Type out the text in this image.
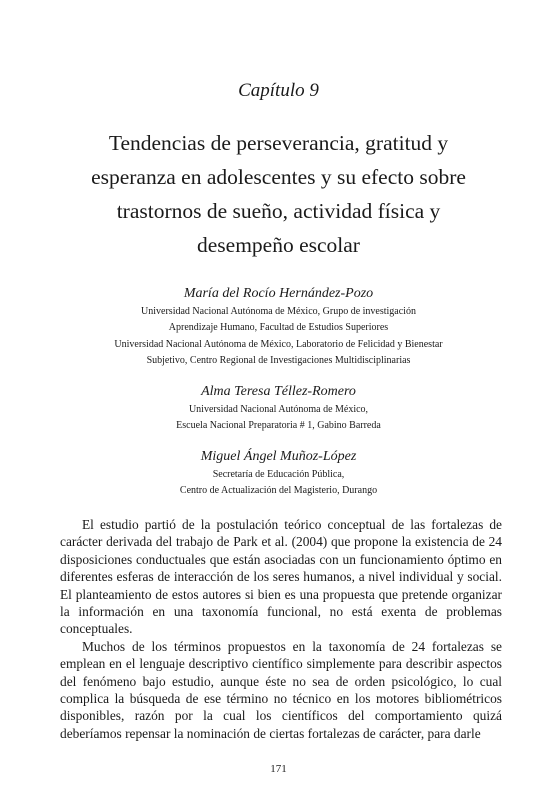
Capítulo 9
Tendencias de perseverancia, gratitud y
esperanza en adolescentes y su efecto sobre
trastornos de sueño, actividad física y
desempeño escolar
María del Rocío Hernández-Pozo
Universidad Nacional Autónoma de México, Grupo de investigación
Aprendizaje Humano, Facultad de Estudios Superiores
Universidad Nacional Autónoma de México, Laboratorio de Felicidad y Bienestar
Subjetivo, Centro Regional de Investigaciones Multidisciplinarias
Alma Teresa Téllez-Romero
Universidad Nacional Autónoma de México,
Escuela Nacional Preparatoria # 1, Gabino Barreda
Miguel Ángel Muñoz-López
Secretaría de Educación Pública,
Centro de Actualización del Magisterio, Durango

El estudio partió de la postulación teórico conceptual de las fortalezas de carácter derivada del trabajo de Park et al. (2004) que propone la existencia de 24 disposiciones conductuales que están asociadas con un funcionamiento óptimo en diferentes esferas de interacción de los seres humanos, a nivel individual y social. El planteamiento de estos autores si bien es una propuesta que pretende organizar la información en una taxonomía funcional, no está exenta de problemas conceptuales.

Muchos de los términos propuestos en la taxonomía de 24 fortalezas se emplean en el lenguaje descriptivo científico simplemente para describir aspectos del fenómeno bajo estudio, aunque éste no sea de orden psicológico, lo cual complica la búsqueda de ese término no técnico en los motores bibliométricos disponibles, razón por la cual los científicos del comportamiento quizá deberíamos repensar la nominación de ciertas fortalezas de carácter, para darle

171
